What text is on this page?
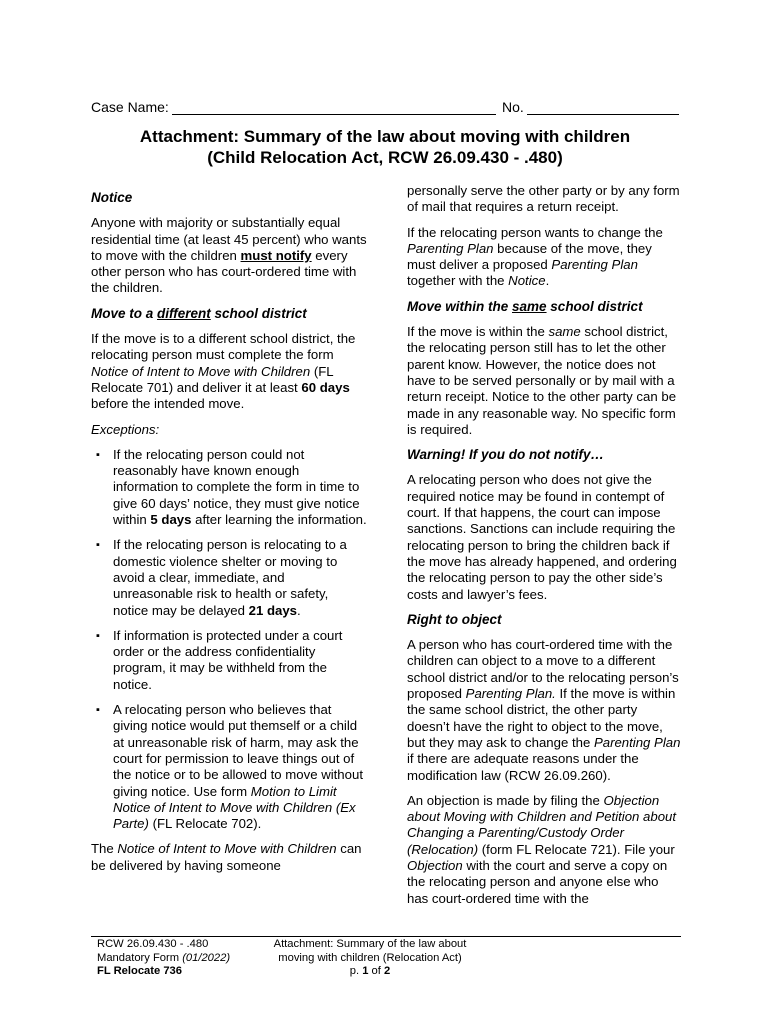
Case Name:	No.
Attachment: Summary of the law about moving with children
(Child Relocation Act, RCW 26.09.430 - .480)
Notice

Anyone with majority or substantially equal residential time (at least 45 percent) who wants to move with the children must notify every other person who has court-ordered time with the children.

Move to a different school district

If the move is to a different school district, the relocating person must complete the form Notice of Intent to Move with Children (FL Relocate 701) and deliver it at least 60 days before the intended move.

Exceptions:

▪ If the relocating person could not reasonably have known enough information to complete the form in time to give 60 days’ notice, they must give notice within 5 days after learning the information.
▪ If the relocating person is relocating to a domestic violence shelter or moving to avoid a clear, immediate, and unreasonable risk to health or safety, notice may be delayed 21 days.
▪ If information is protected under a court order or the address confidentiality program, it may be withheld from the notice.
▪ A relocating person who believes that giving notice would put themself or a child at unreasonable risk of harm, may ask the court for permission to leave things out of the notice or to be allowed to move without giving notice. Use form Motion to Limit Notice of Intent to Move with Children (Ex Parte) (FL Relocate 702).

The Notice of Intent to Move with Children can be delivered by having someone

personally serve the other party or by any form of mail that requires a return receipt.

If the relocating person wants to change the Parenting Plan because of the move, they must deliver a proposed Parenting Plan together with the Notice.

Move within the same school district

If the move is within the same school district, the relocating person still has to let the other parent know. However, the notice does not have to be served personally or by mail with a return receipt. Notice to the other party can be made in any reasonable way. No specific form is required.

Warning! If you do not notify…

A relocating person who does not give the required notice may be found in contempt of court. If that happens, the court can impose sanctions. Sanctions can include requiring the relocating person to bring the children back if the move has already happened, and ordering the relocating person to pay the other side’s costs and lawyer’s fees.

Right to object

A person who has court-ordered time with the children can object to a move to a different school district and/or to the relocating person’s proposed Parenting Plan. If the move is within the same school district, the other party doesn’t have the right to object to the move, but they may ask to change the Parenting Plan if there are adequate reasons under the modification law (RCW 26.09.260).

An objection is made by filing the Objection about Moving with Children and Petition about Changing a Parenting/Custody Order (Relocation) (form FL Relocate 721). File your Objection with the court and serve a copy on the relocating person and anyone else who has court-ordered time with the

RCW 26.09.430 - .480
Mandatory Form (01/2022)
FL Relocate 736
Attachment: Summary of the law about
moving with children (Relocation Act)
p. 1 of 2
